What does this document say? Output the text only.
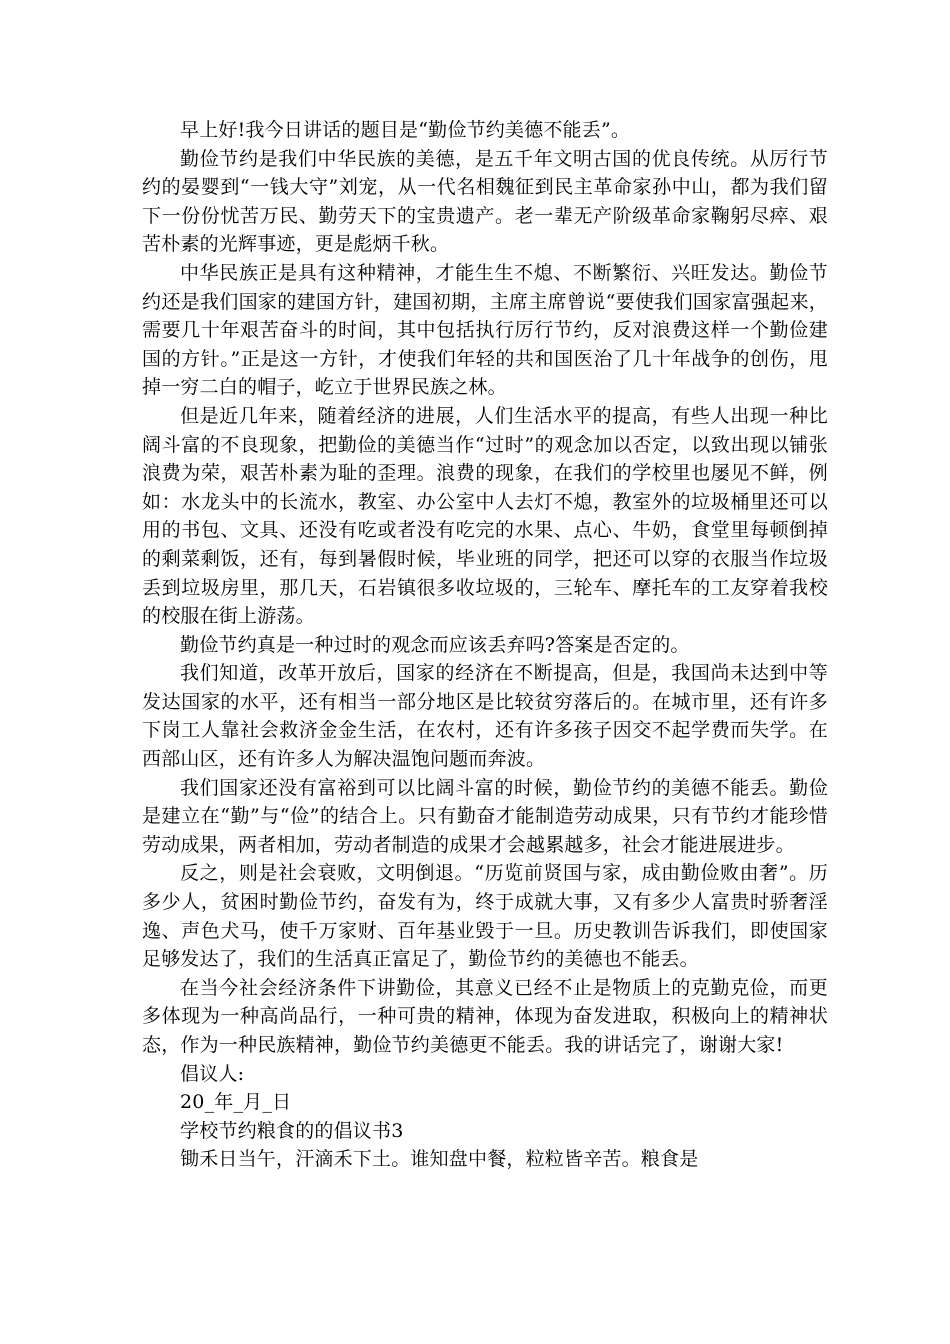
早上好!我今日讲话的题目是“勤俭节约美德不能丢”。

勤俭节约是我们中华民族的美德，是五千年文明古国的优良传统。从厉行节约的晏婴到“一钱大守”刘宠，从一代名相魏征到民主革命家孙中山，都为我们留下一份份忧苦万民、勤劳天下的宝贵遗产。老一辈无产阶级革命家鞠躬尽瘁、艰苦朴素的光辉事迹，更是彪炳千秋。

中华民族正是具有这种精神，才能生生不熄、不断繁衍、兴旺发达。勤俭节约还是我们国家的建国方针，建国初期，主席主席曾说“要使我们国家富强起来，需要几十年艰苦奋斗的时间，其中包括执行厉行节约，反对浪费这样一个勤俭建国的方针。”正是这一方针，才使我们年轻的共和国医治了几十年战争的创伤，甩掉一穷二白的帽子，屹立于世界民族之林。

但是近几年来，随着经济的进展，人们生活水平的提高，有些人出现一种比阔斗富的不良现象，把勤俭的美德当作“过时”的观念加以否定，以致出现以铺张浪费为荣，艰苦朴素为耻的歪理。浪费的现象，在我们的学校里也屡见不鲜，例如：水龙头中的长流水，教室、办公室中人去灯不熄，教室外的垃圾桶里还可以用的书包、文具、还没有吃或者没有吃完的水果、点心、牛奶，食堂里每顿倒掉的剩菜剩饭，还有，每到暑假时候，毕业班的同学，把还可以穿的衣服当作垃圾丢到垃圾房里，那几天，石岩镇很多收垃圾的，三轮车、摩托车的工友穿着我校的校服在街上游荡。

勤俭节约真是一种过时的观念而应该丢弃吗?答案是否定的。

我们知道，改革开放后，国家的经济在不断提高，但是，我国尚未达到中等发达国家的水平，还有相当一部分地区是比较贫穷落后的。在城市里，还有许多下岗工人靠社会救济金金生活，在农村，还有许多孩子因交不起学费而失学。在西部山区，还有许多人为解决温饱问题而奔波。

我们国家还没有富裕到可以比阔斗富的时候，勤俭节约的美德不能丢。勤俭是建立在“勤”与“俭”的结合上。只有勤奋才能制造劳动成果，只有节约才能珍惜劳动成果，两者相加，劳动者制造的成果才会越累越多，社会才能进展进步。

反之，则是社会衰败，文明倒退。“历览前贤国与家，成由勤俭败由奢”。历多少人，贫困时勤俭节约，奋发有为，终于成就大事，又有多少人富贵时骄奢淫逸、声色犬马，使千万家财、百年基业毁于一旦。历史教训告诉我们，即使国家足够发达了，我们的生活真正富足了，勤俭节约的美德也不能丢。

在当今社会经济条件下讲勤俭，其意义已经不止是物质上的克勤克俭，而更多体现为一种高尚品行，一种可贵的精神，体现为奋发进取，积极向上的精神状态，作为一种民族精神，勤俭节约美德更不能丢。我的讲话完了，谢谢大家!

倡议人:

20_年_月_日

学校节约粮食的的倡议书3

锄禾日当午，汗滴禾下土。谁知盘中餐，粒粒皆辛苦。粮食是
